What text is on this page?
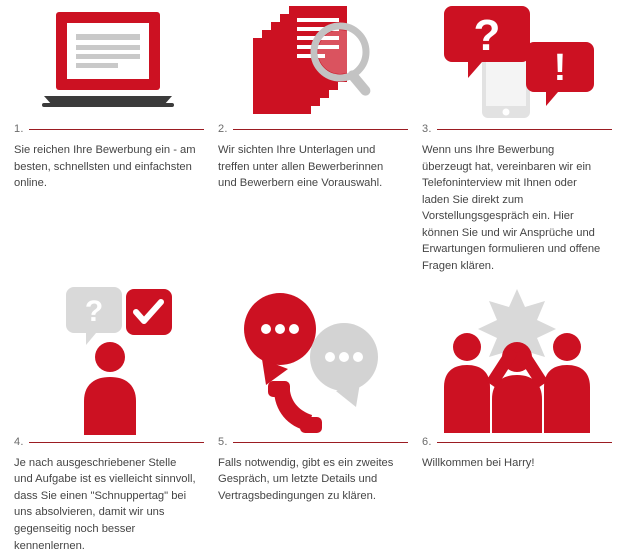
1.
Sie reichen Ihre Bewerbung ein - am besten, schnellsten und einfachsten online.
2.
Wir sichten Ihre Unterlagen und treffen unter allen Bewerberinnen und Bewerbern eine Vorauswahl.
?
!
3.
Wenn uns Ihre Bewerbung überzeugt hat, vereinbaren wir ein Telefoninterview mit Ihnen oder laden Sie direkt zum Vorstellungsgespräch ein. Hier können Sie und wir Ansprüche und Erwartungen formulieren und offene Fragen klären.
?
4.
Je nach ausgeschriebener Stelle und Aufgabe ist es vielleicht sinnvoll, dass Sie einen "Schnuppertag" bei uns absolvieren, damit wir uns gegenseitig noch besser kennenlernen.
5.
Falls notwendig, gibt es ein zweites Gespräch, um letzte Details und Vertragsbedingungen zu klären.
6.
Willkommen bei Harry!
